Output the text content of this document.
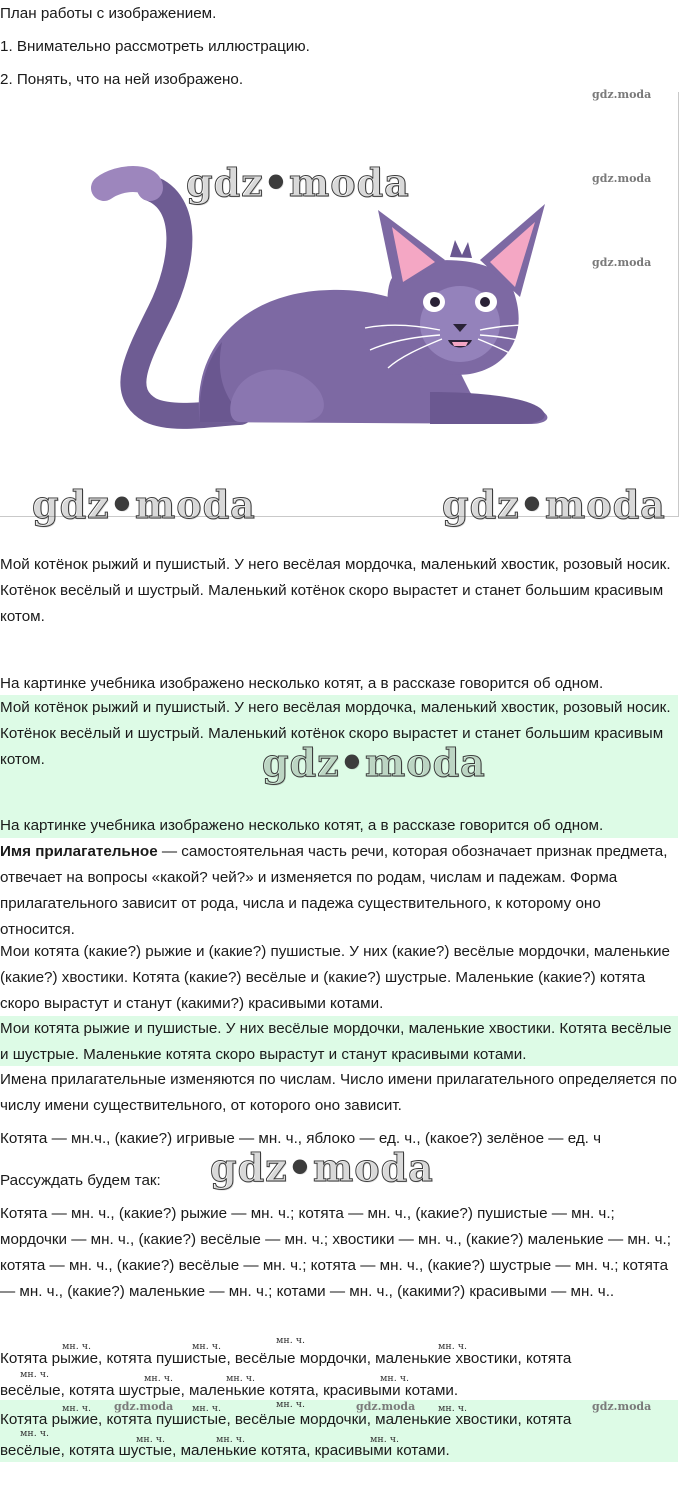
План работы с изображением.
1. Внимательно рассмотреть иллюстрацию.
2. Понять, что на ней изображено.
gdz.moda
gdz.moda
gdz.moda
gdz•moda
gdz•moda	gdz•moda

Мой котёнок рыжий и пушистый. У него весёлая мордочка, маленький хвостик, розовый носик. Котёнок весёлый и шустрый. Маленький котёнок скоро вырастет и станет большим красивым котом.

На картинке учебника изображено несколько котят, а в рассказе говорится об одном.

Мой котёнок рыжий и пушистый. У него весёлая мордочка, маленький хвостик, розовый носик. Котёнок весёлый и шустрый. Маленький котёнок скоро вырастет и станет большим красивым котом.

На картинке учебника изображено несколько котят, а в рассказе говорится об одном.

gdz•moda

Имя прилагательное — самостоятельная часть речи, которая обозначает признак предмета, отвечает на вопросы «какой? чей?» и изменяется по родам, числам и падежам. Форма прилагательного зависит от рода, числа и падежа существительного, к которому оно относится.

Мои котята (какие?) рыжие и (какие?) пушистые. У них (какие?) весёлые мордочки, маленькие (какие?) хвостики. Котята (какие?) весёлые и (какие?) шустрые. Маленькие (какие?) котята скоро вырастут и станут (какими?) красивыми котами.

Мои котята рыжие и пушистые. У них весёлые мордочки, маленькие хвостики. Котята весёлые и шустрые. Маленькие котята скоро вырастут и станут красивыми котами.

Имена прилагательные изменяются по числам. Число имени прилагательного определяется по числу имени существительного, от которого оно зависит.

Котята — мн.ч., (какие?) игривые — мн. ч., яблоко — ед. ч., (какое?) зелёное — ед. ч

Рассуждать будем так: gdz•moda

Котята — мн. ч., (какие?) рыжие — мн. ч.; котята — мн. ч., (какие?) пушистые — мн. ч.; мордочки — мн. ч., (какие?) весёлые — мн. ч.; хвостики — мн. ч., (какие?) маленькие — мн. ч.; котята — мн. ч., (какие?) весёлые — мн. ч.; котята — мн. ч., (какие?) шустрые — мн. ч.; котята — мн. ч., (какие?) маленькие — мн. ч.; котами — мн. ч., (какими?) красивыми — мн. ч..

мн. ч.	мн. ч.
мн. ч.
мн. ч.

Котята рыжие, котята пушистые, весёлые мордочки, маленькие хвостики, котята

мн. ч.	мн. ч.	мн. ч.	мн. ч.

весёлые, котята шустрые, маленькие котята, красивыми котами.

мн. ч. gdz.moda мн. ч.	мн. ч.	gdz.moda мн. ч.	gdz.moda

Котята рыжие, котята пушистые, весёлые мордочки, маленькие хвостики, котята

мн. ч.
мн. ч.	мн. ч.	мн. ч.

весёлые, котята шустые, маленькие котята, красивыми котами.
